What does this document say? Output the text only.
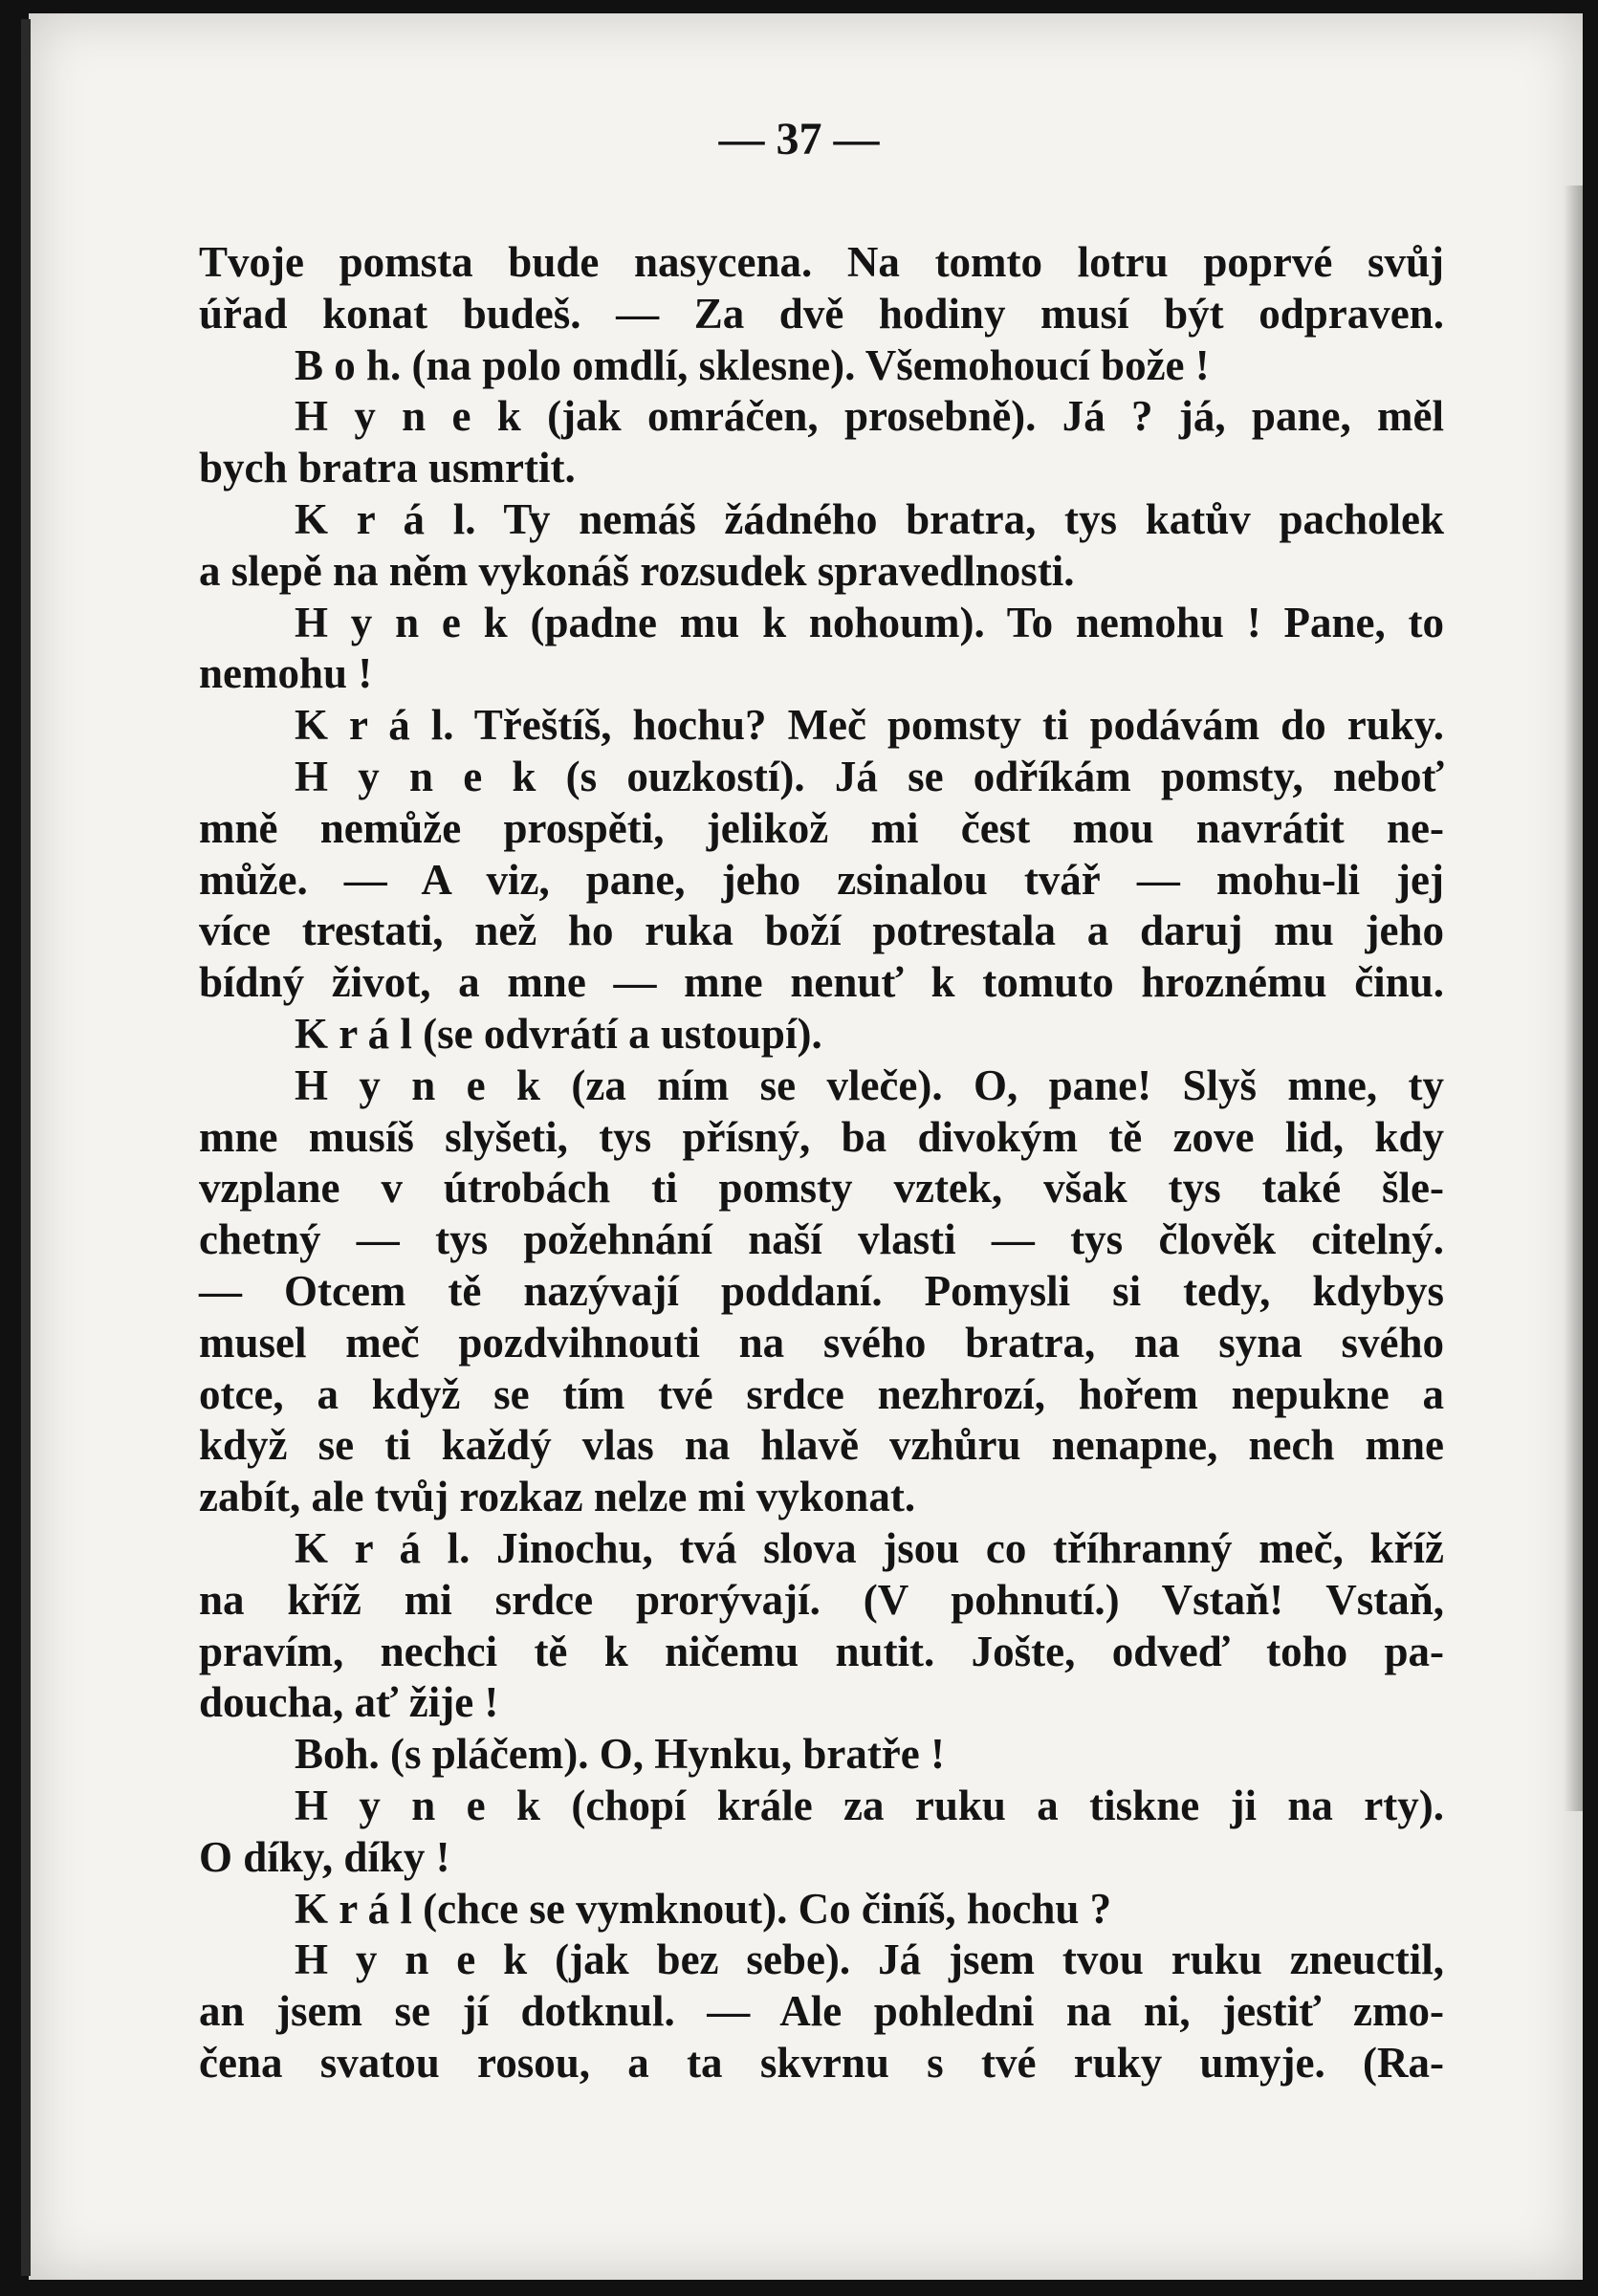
— 37 —
Tvoje pomsta bude nasycena. Na tomto lotru poprvé svůj
úřad konat budeš. — Za dvě hodiny musí být odpraven.
B o h. (na polo omdlí, sklesne). Všemohoucí bože !
H y n e k (jak omráčen, prosebně). Já ? já, pane, měl
bych bratra usmrtit.
K r á l. Ty nemáš žádného bratra, tys katův pacholek
a slepě na něm vykonáš rozsudek spravedlnosti.
H y n e k (padne mu k nohoum). To nemohu ! Pane, to
nemohu !
K r á l. Třeštíš, hochu? Meč pomsty ti podávám do ruky.
H y n e k (s ouzkostí). Já se odříkám pomsty, neboť
mně nemůže prospěti, jelikož mi čest mou navrátit ne-
může. — A viz, pane, jeho zsinalou tvář — mohu-li jej
více trestati, než ho ruka boží potrestala a daruj mu jeho
bídný život, a mne — mne nenuť k tomuto hroznému činu.
K r á l (se odvrátí a ustoupí).
H y n e k (za ním se vleče). O, pane! Slyš mne, ty
mne musíš slyšeti, tys přísný, ba divokým tě zove lid, kdy
vzplane v útrobách ti pomsty vztek, však tys také šle-
chetný — tys požehnání naší vlasti — tys člověk citelný.
— Otcem tě nazývají poddaní. Pomysli si tedy, kdybys
musel meč pozdvihnouti na svého bratra, na syna svého
otce, a když se tím tvé srdce nezhrozí, hořem nepukne a
když se ti každý vlas na hlavě vzhůru nenapne, nech mne
zabít, ale tvůj rozkaz nelze mi vykonat.
K r á l. Jinochu, tvá slova jsou co tříhranný meč, kříž
na kříž mi srdce prorývají. (V pohnutí.) Vstaň! Vstaň,
pravím, nechci tě k ničemu nutit. Jošte, odveď toho pa-
doucha, ať žije !
Boh. (s pláčem). O, Hynku, bratře !
H y n e k (chopí krále za ruku a tiskne ji na rty).
O díky, díky !
K r á l (chce se vymknout). Co činíš, hochu ?
H y n e k (jak bez sebe). Já jsem tvou ruku zneuctil,
an jsem se jí dotknul. — Ale pohledni na ni, jestiť zmo-
čena svatou rosou, a ta skvrnu s tvé ruky umyje. (Ra-
